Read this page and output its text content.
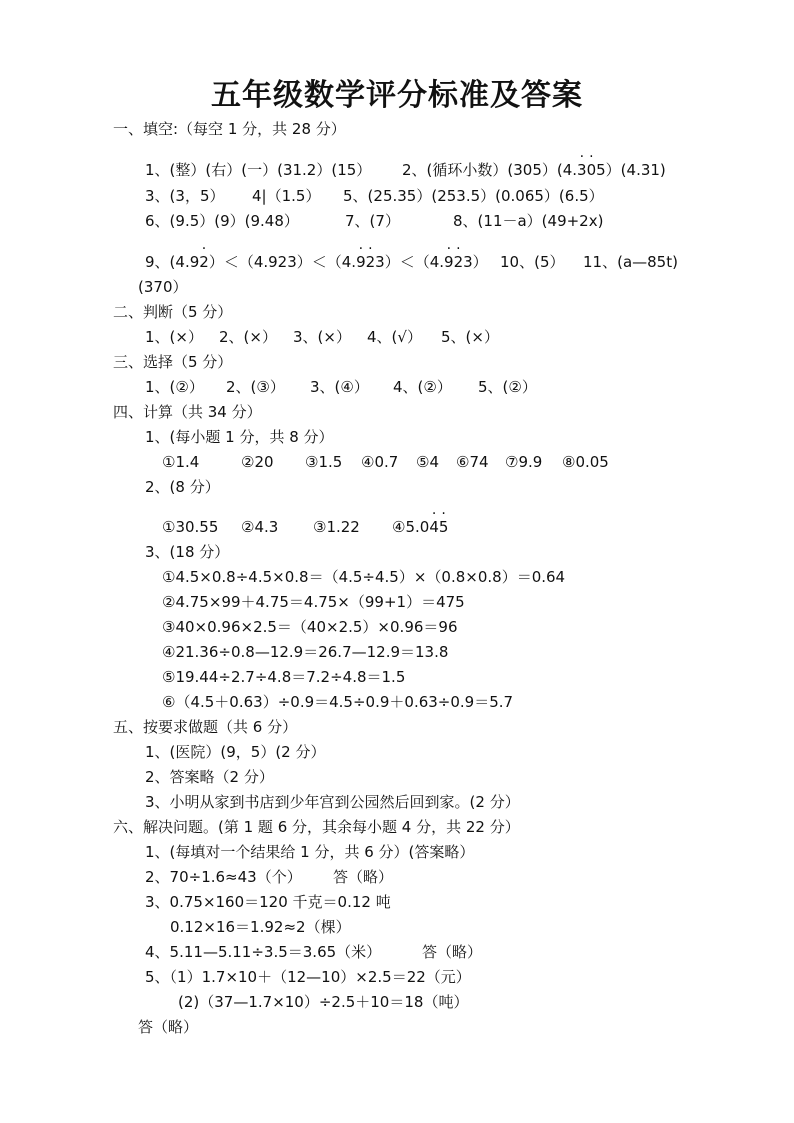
五年级数学评分标准及答案
一、填空:（每空 1 分，共 28 分）
1、(整）(右）(一）(31.2）(15） 2、(循环小数）(305）(4.. 3. 05）(4.31)
3、(3，5） 4|（1.5） 5、(25.35）(253.5）(0.065）(6.5）
6、(9.5）(9）(9.48）	7、(7）	8、(11－a）(49+2x)
9、(4.9. 2）＜（4.923）＜（4.. 9. 23）＜（4.. 9. 23） 10、(5） 11、(a—85t)
(370）
二、判断（5 分）
1、(×） 2、(×） 3、(×） 4、(√） 5、(×）
三、选择（5 分）
1、(②） 2、(③） 3、(④） 4、(②） 5、(②）
四、计算（共 34 分）
1、(每小题 1 分，共 8 分）
①1.4	②20 ③1.5 ④0.7 ⑤4 ⑥74 ⑦9.9 ⑧0.05
2、(8 分）
①30.55 ②4.3 ③1.22 ④5.0. 4. 5
3、(18 分）
①4.5×0.8÷4.5×0.8＝（4.5÷4.5）×（0.8×0.8）＝0.64
②4.75×99＋4.75＝4.75×（99+1）＝475
③40×0.96×2.5＝（40×2.5）×0.96＝96
④21.36÷0.8—12.9＝26.7—12.9＝13.8
⑤19.44÷2.7÷4.8＝7.2÷4.8＝1.5
⑥（4.5＋0.63）÷0.9＝4.5÷0.9＋0.63÷0.9＝5.7
五、按要求做题（共 6 分）
1、(医院）(9，5）(2 分）
2、答案略（2 分）
3、小明从家到书店到少年宫到公园然后回到家。(2 分）
六、解决问题。(第 1 题 6 分，其余每小题 4 分，共 22 分）
1、(每填对一个结果给 1 分，共 6 分）(答案略）
2、70÷1.6≈43（个） 答（略）
3、0.75×160＝120 千克＝0.12 吨
0.12×16＝1.92≈2（棵）
4、5.11—5.11÷3.5＝3.65（米）	答（略）
5、（1）1.7×10＋（12—10）×2.5＝22（元）
(2)（37—1.7×10）÷2.5＋10＝18（吨）
答（略）
